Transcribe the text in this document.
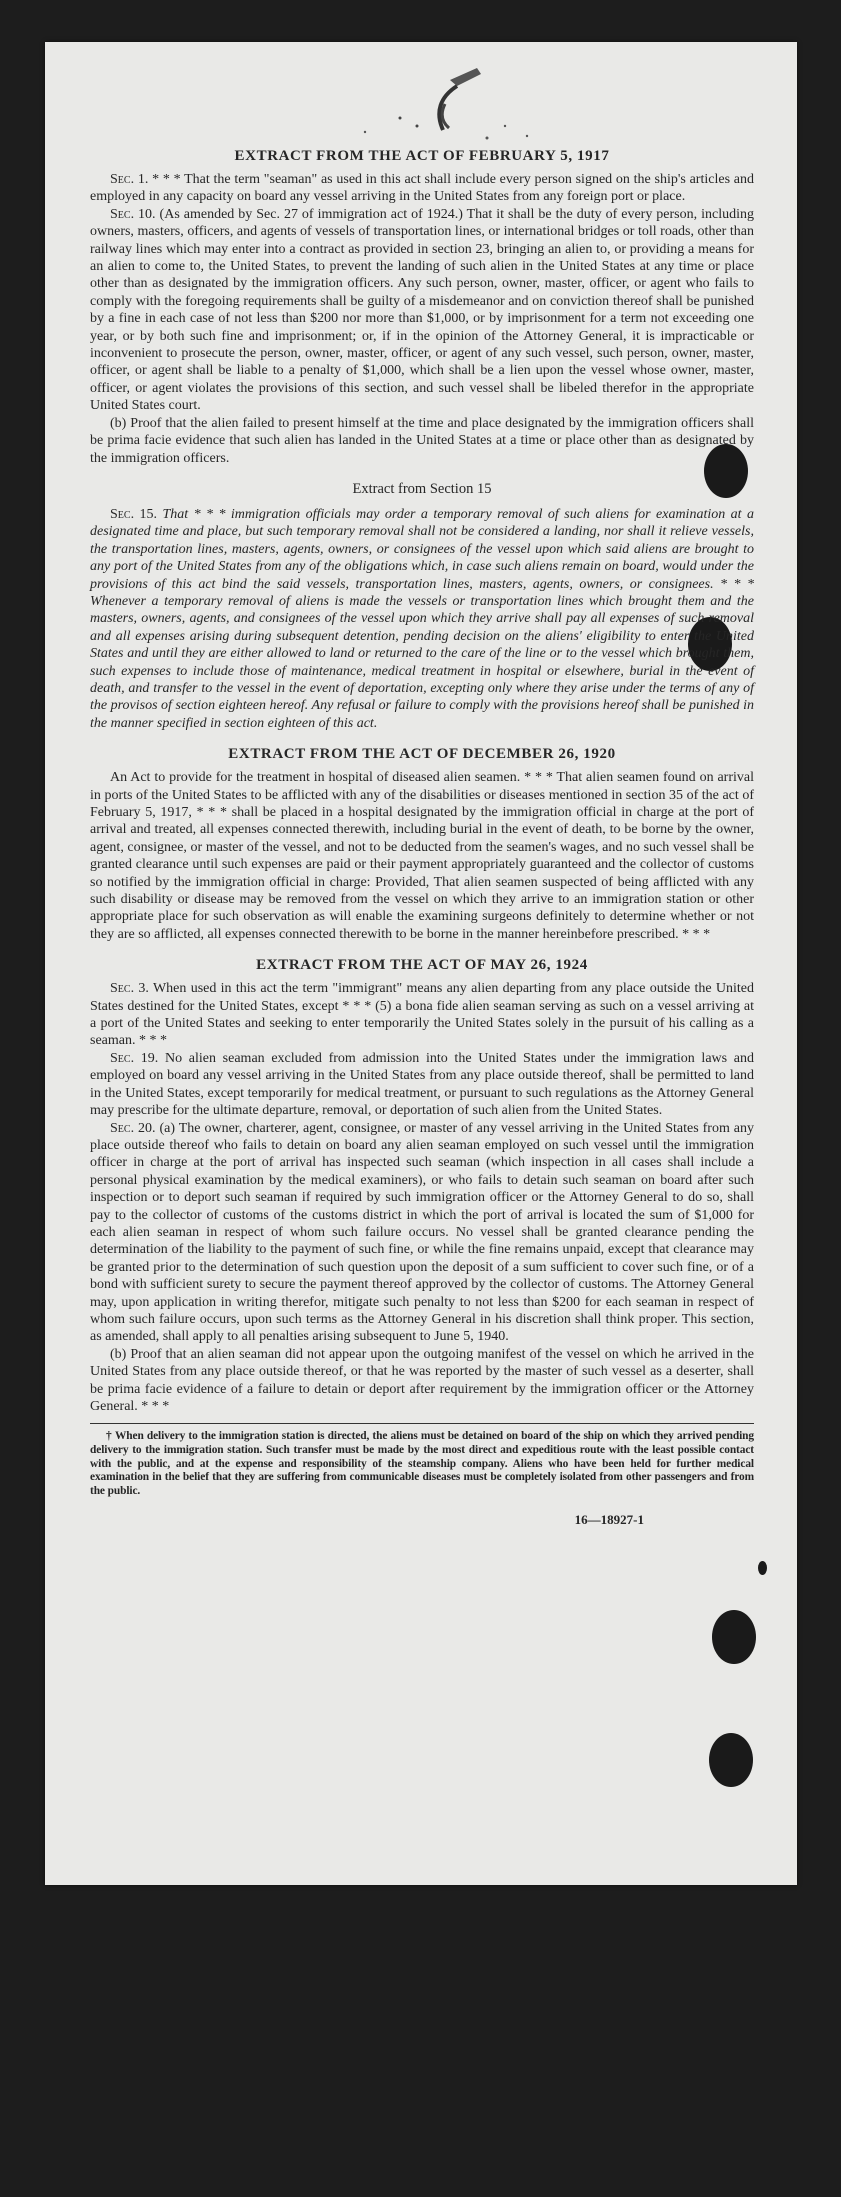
EXTRACT FROM THE ACT OF FEBRUARY 5, 1917

Sec. 1. * * * That the term "seaman" as used in this act shall include every person signed on the ship's articles and employed in any capacity on board any vessel arriving in the United States from any foreign port or place.

Sec. 10. (As amended by Sec. 27 of immigration act of 1924.) That it shall be the duty of every person, including owners, masters, officers, and agents of vessels of transportation lines, or international bridges or toll roads, other than railway lines which may enter into a contract as provided in section 23, bringing an alien to, or providing a means for an alien to come to, the United States, to prevent the landing of such alien in the United States at any time or place other than as designated by the immigration officers. Any such person, owner, master, officer, or agent who fails to comply with the foregoing requirements shall be guilty of a misdemeanor and on conviction thereof shall be punished by a fine in each case of not less than $200 nor more than $1,000, or by imprisonment for a term not exceeding one year, or by both such fine and imprisonment; or, if in the opinion of the Attorney General, it is impracticable or inconvenient to prosecute the person, owner, master, officer, or agent of any such vessel, such person, owner, master, officer, or agent shall be liable to a penalty of $1,000, which shall be a lien upon the vessel whose owner, master, officer, or agent violates the provisions of this section, and such vessel shall be libeled therefor in the appropriate United States court.

(b) Proof that the alien failed to present himself at the time and place designated by the immigration officers shall be prima facie evidence that such alien has landed in the United States at a time or place other than as designated by the immigration officers.

Extract from Section 15

Sec. 15. That * * * immigration officials may order a temporary removal of such aliens for examination at a designated time and place, but such temporary removal shall not be considered a landing, nor shall it relieve vessels, the transportation lines, masters, agents, owners, or consignees of the vessel upon which said aliens are brought to any port of the United States from any of the obligations which, in case such aliens remain on board, would under the provisions of this act bind the said vessels, transportation lines, masters, agents, owners, or consignees. * * * Whenever a temporary removal of aliens is made the vessels or transportation lines which brought them and the masters, owners, agents, and consignees of the vessel upon which they arrive shall pay all expenses of such removal and all expenses arising during subsequent detention, pending decision on the aliens' eligibility to enter the United States and until they are either allowed to land or returned to the care of the line or to the vessel which brought them, such expenses to include those of maintenance, medical treatment in hospital or elsewhere, burial in the event of death, and transfer to the vessel in the event of deportation, excepting only where they arise under the terms of any of the provisos of section eighteen hereof. Any refusal or failure to comply with the provisions hereof shall be punished in the manner specified in section eighteen of this act.

EXTRACT FROM THE ACT OF DECEMBER 26, 1920

An Act to provide for the treatment in hospital of diseased alien seamen. * * * That alien seamen found on arrival in ports of the United States to be afflicted with any of the disabilities or diseases mentioned in section 35 of the act of February 5, 1917, * * * shall be placed in a hospital designated by the immigration official in charge at the port of arrival and treated, all expenses connected therewith, including burial in the event of death, to be borne by the owner, agent, consignee, or master of the vessel, and not to be deducted from the seamen's wages, and no such vessel shall be granted clearance until such expenses are paid or their payment appropriately guaranteed and the collector of customs so notified by the immigration official in charge: Provided, That alien seamen suspected of being afflicted with any such disability or disease may be removed from the vessel on which they arrive to an immigration station or other appropriate place for such observation as will enable the examining surgeons definitely to determine whether or not they are so afflicted, all expenses connected therewith to be borne in the manner hereinbefore prescribed. * * *

EXTRACT FROM THE ACT OF MAY 26, 1924

Sec. 3. When used in this act the term "immigrant" means any alien departing from any place outside the United States destined for the United States, except * * * (5) a bona fide alien seaman serving as such on a vessel arriving at a port of the United States and seeking to enter temporarily the United States solely in the pursuit of his calling as a seaman. * * *

Sec. 19. No alien seaman excluded from admission into the United States under the immigration laws and employed on board any vessel arriving in the United States from any place outside thereof, shall be permitted to land in the United States, except temporarily for medical treatment, or pursuant to such regulations as the Attorney General may prescribe for the ultimate departure, removal, or deportation of such alien from the United States.

Sec. 20. (a) The owner, charterer, agent, consignee, or master of any vessel arriving in the United States from any place outside thereof who fails to detain on board any alien seaman employed on such vessel until the immigration officer in charge at the port of arrival has inspected such seaman (which inspection in all cases shall include a personal physical examination by the medical examiners), or who fails to detain such seaman on board after such inspection or to deport such seaman if required by such immigration officer or the Attorney General to do so, shall pay to the collector of customs of the customs district in which the port of arrival is located the sum of $1,000 for each alien seaman in respect of whom such failure occurs. No vessel shall be granted clearance pending the determination of the liability to the payment of such fine, or while the fine remains unpaid, except that clearance may be granted prior to the determination of such question upon the deposit of a sum sufficient to cover such fine, or of a bond with sufficient surety to secure the payment thereof approved by the collector of customs. The Attorney General may, upon application in writing therefor, mitigate such penalty to not less than $200 for each seaman in respect of whom such failure occurs, upon such terms as the Attorney General in his discretion shall think proper. This section, as amended, shall apply to all penalties arising subsequent to June 5, 1940.

(b) Proof that an alien seaman did not appear upon the outgoing manifest of the vessel on which he arrived in the United States from any place outside thereof, or that he was reported by the master of such vessel as a deserter, shall be prima facie evidence of a failure to detain or deport after requirement by the immigration officer or the Attorney General. * * *

† When delivery to the immigration station is directed, the aliens must be detained on board of the ship on which they arrived pending delivery to the immigration station. Such transfer must be made by the most direct and expeditious route with the least possible contact with the public, and at the expense and responsibility of the steamship company. Aliens who have been held for further medical examination in the belief that they are suffering from communicable diseases must be completely isolated from other passengers and from the public.

16—18927-1
